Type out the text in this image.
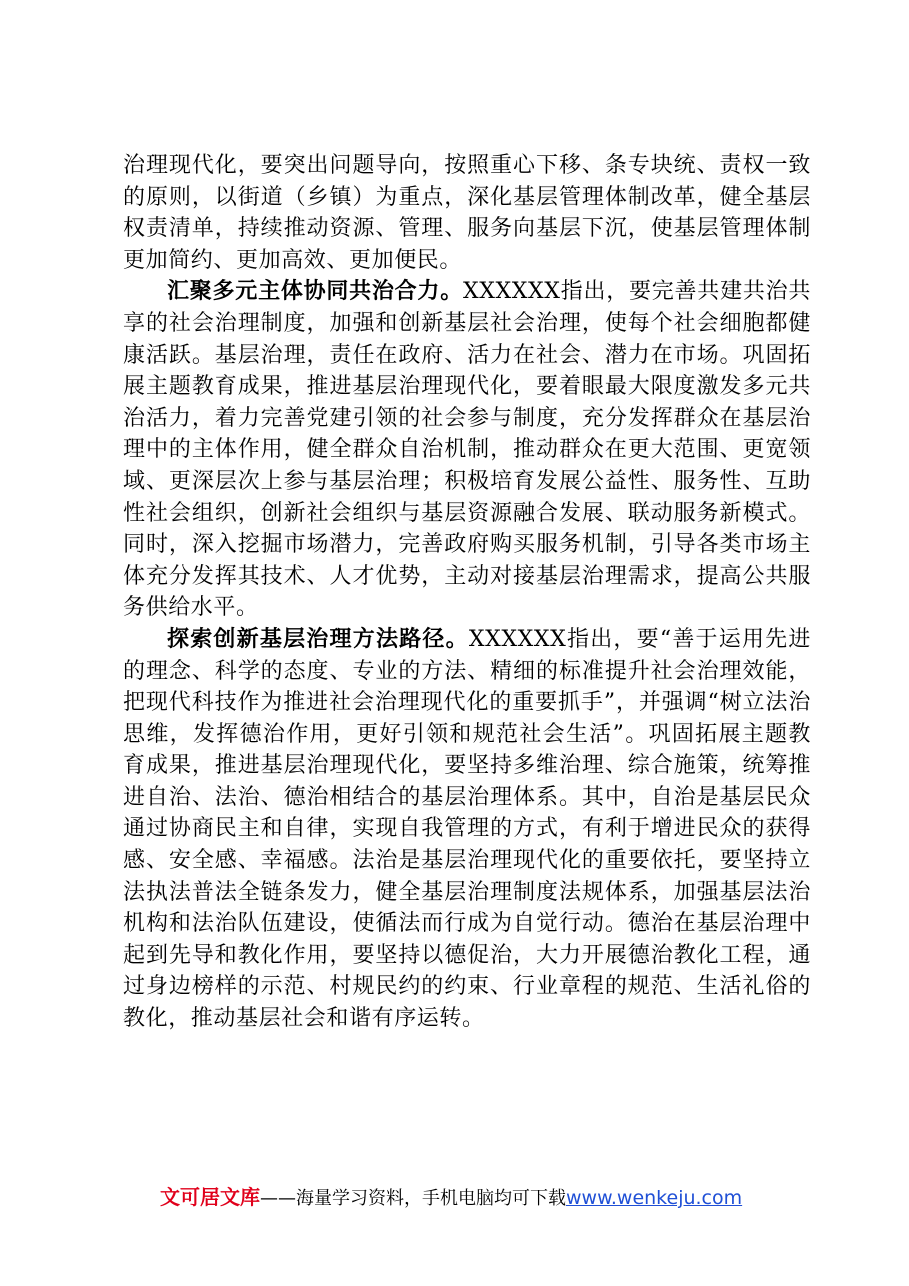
治理现代化，要突出问题导向，按照重心下移、条专块统、责权一致的原则，以街道（乡镇）为重点，深化基层管理体制改革，健全基层权责清单，持续推动资源、管理、服务向基层下沉，使基层管理体制更加简约、更加高效、更加便民。

汇聚多元主体协同共治合力。XXXXXX指出，要完善共建共治共享的社会治理制度，加强和创新基层社会治理，使每个社会细胞都健康活跃。基层治理，责任在政府、活力在社会、潜力在市场。巩固拓展主题教育成果，推进基层治理现代化，要着眼最大限度激发多元共治活力，着力完善党建引领的社会参与制度，充分发挥群众在基层治理中的主体作用，健全群众自治机制，推动群众在更大范围、更宽领域、更深层次上参与基层治理；积极培育发展公益性、服务性、互助性社会组织，创新社会组织与基层资源融合发展、联动服务新模式。同时，深入挖掘市场潜力，完善政府购买服务机制，引导各类市场主体充分发挥其技术、人才优势，主动对接基层治理需求，提高公共服务供给水平。

探索创新基层治理方法路径。XXXXXX指出，要“善于运用先进的理念、科学的态度、专业的方法、精细的标准提升社会治理效能，把现代科技作为推进社会治理现代化的重要抓手”，并强调“树立法治思维，发挥德治作用，更好引领和规范社会生活”。巩固拓展主题教育成果，推进基层治理现代化，要坚持多维治理、综合施策，统筹推进自治、法治、德治相结合的基层治理体系。其中，自治是基层民众通过协商民主和自律，实现自我管理的方式，有利于增进民众的获得感、安全感、幸福感。法治是基层治理现代化的重要依托，要坚持立法执法普法全链条发力，健全基层治理制度法规体系，加强基层法治机构和法治队伍建设，使循法而行成为自觉行动。德治在基层治理中起到先导和教化作用，要坚持以德促治，大力开展德治教化工程，通过身边榜样的示范、村规民约的约束、行业章程的规范、生活礼俗的教化，推动基层社会和谐有序运转。

文可居文库——海量学习资料，手机电脑均可下载www.wenkeju.com
